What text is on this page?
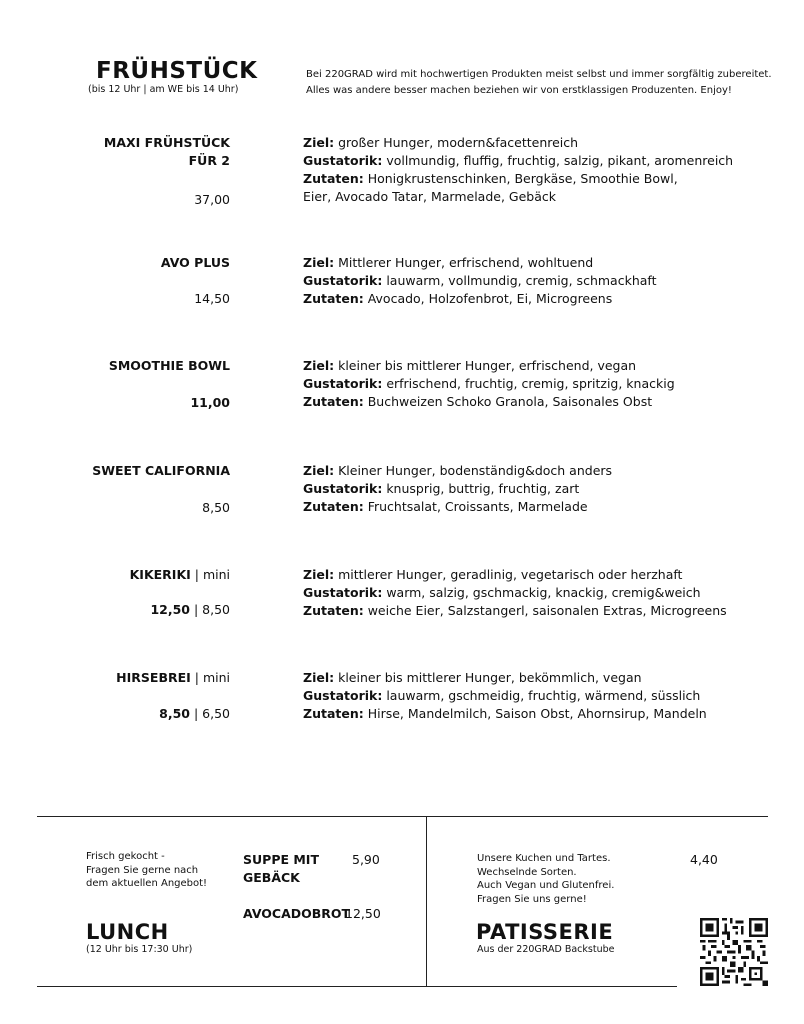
FRÜHSTÜCK
(bis 12 Uhr | am WE bis 14 Uhr)
Bei 220GRAD wird mit hochwertigen Produkten meist selbst und immer sorgfältig zubereitet.
Alles was andere besser machen beziehen wir von erstklassigen Produzenten. Enjoy!
MAXI FRÜHSTÜCK
FÜR 2
37,00
Ziel: großer Hunger, modern&facettenreich
Gustatorik: vollmundig, fluffig, fruchtig, salzig, pikant, aromenreich
Zutaten: Honigkrustenschinken, Bergkäse, Smoothie Bowl,
Eier, Avocado Tatar, Marmelade, Gebäck
AVO PLUS
14,50
Ziel: Mittlerer Hunger, erfrischend, wohltuend
Gustatorik: lauwarm, vollmundig, cremig, schmackhaft
Zutaten: Avocado, Holzofenbrot, Ei, Microgreens
SMOOTHIE BOWL
11,00
Ziel: kleiner bis mittlerer Hunger, erfrischend, vegan
Gustatorik: erfrischend, fruchtig, cremig, spritzig, knackig
Zutaten: Buchweizen Schoko Granola, Saisonales Obst
SWEET CALIFORNIA
8,50
Ziel: Kleiner Hunger, bodenständig&doch anders
Gustatorik: knusprig, buttrig, fruchtig, zart
Zutaten: Fruchtsalat, Croissants, Marmelade
KIKERIKI | mini
12,50 | 8,50
Ziel: mittlerer Hunger, geradlinig, vegetarisch oder herzhaft
Gustatorik: warm, salzig, gschmackig, knackig, cremig&weich
Zutaten: weiche Eier, Salzstangerl, saisonalen Extras, Microgreens
HIRSEBREI | mini
8,50 | 6,50
Ziel: kleiner bis mittlerer Hunger, bekömmlich, vegan
Gustatorik: lauwarm, gschmeidig, fruchtig, wärmend, süsslich
Zutaten: Hirse, Mandelmilch, Saison Obst, Ahornsirup, Mandeln
Frisch gekocht -
Fragen Sie gerne nach
dem aktuellen Angebot!
LUNCH
(12 Uhr bis 17:30 Uhr)
SUPPE MIT
GEBÄCK
5,90
AVOCADOBROT
12,50
Unsere Kuchen und Tartes.
Wechselnde Sorten.
Auch Vegan und Glutenfrei.
Fragen Sie uns gerne!
4,40
PATISSERIE
Aus der 220GRAD Backstube
